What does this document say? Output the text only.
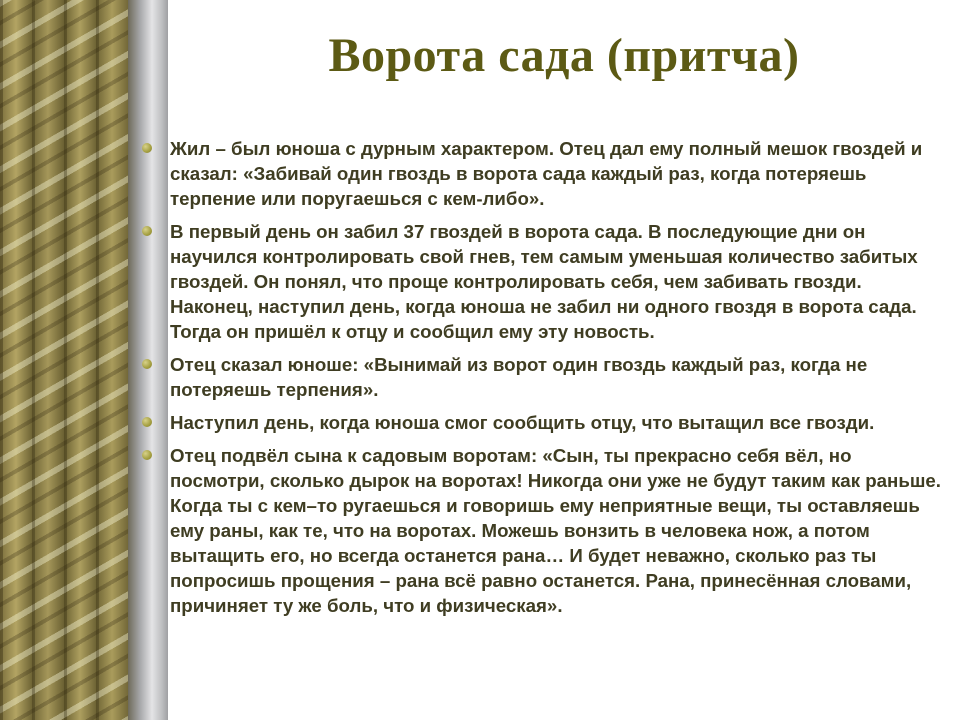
Ворота сада (притча)
Жил – был юноша с дурным характером. Отец дал ему полный мешок гвоздей и сказал: «Забивай один гвоздь в ворота сада каждый раз, когда потеряешь терпение или поругаешься с кем-либо».
В первый день он забил 37 гвоздей в ворота сада. В последующие дни он научился контролировать свой гнев, тем самым уменьшая количество забитых гвоздей. Он понял, что проще контролировать себя, чем забивать гвозди. Наконец, наступил день, когда юноша не забил ни одного гвоздя в ворота сада. Тогда он пришёл к отцу и сообщил ему эту новость.
Отец сказал юноше: «Вынимай из ворот один гвоздь каждый раз, когда не потеряешь терпения».
Наступил день, когда юноша смог сообщить отцу, что вытащил все гвозди.
Отец подвёл сына к садовым воротам: «Сын, ты прекрасно себя вёл, но посмотри, сколько дырок на воротах! Никогда они уже не будут таким как раньше. Когда ты с кем–то ругаешься и говоришь ему неприятные вещи, ты оставляешь ему раны, как те, что на воротах. Можешь вонзить в человека нож, а потом вытащить его, но всегда останется рана… И будет неважно, сколько раз ты попросишь прощения – рана всё равно останется. Рана, принесённая словами, причиняет ту же боль, что и физическая».
